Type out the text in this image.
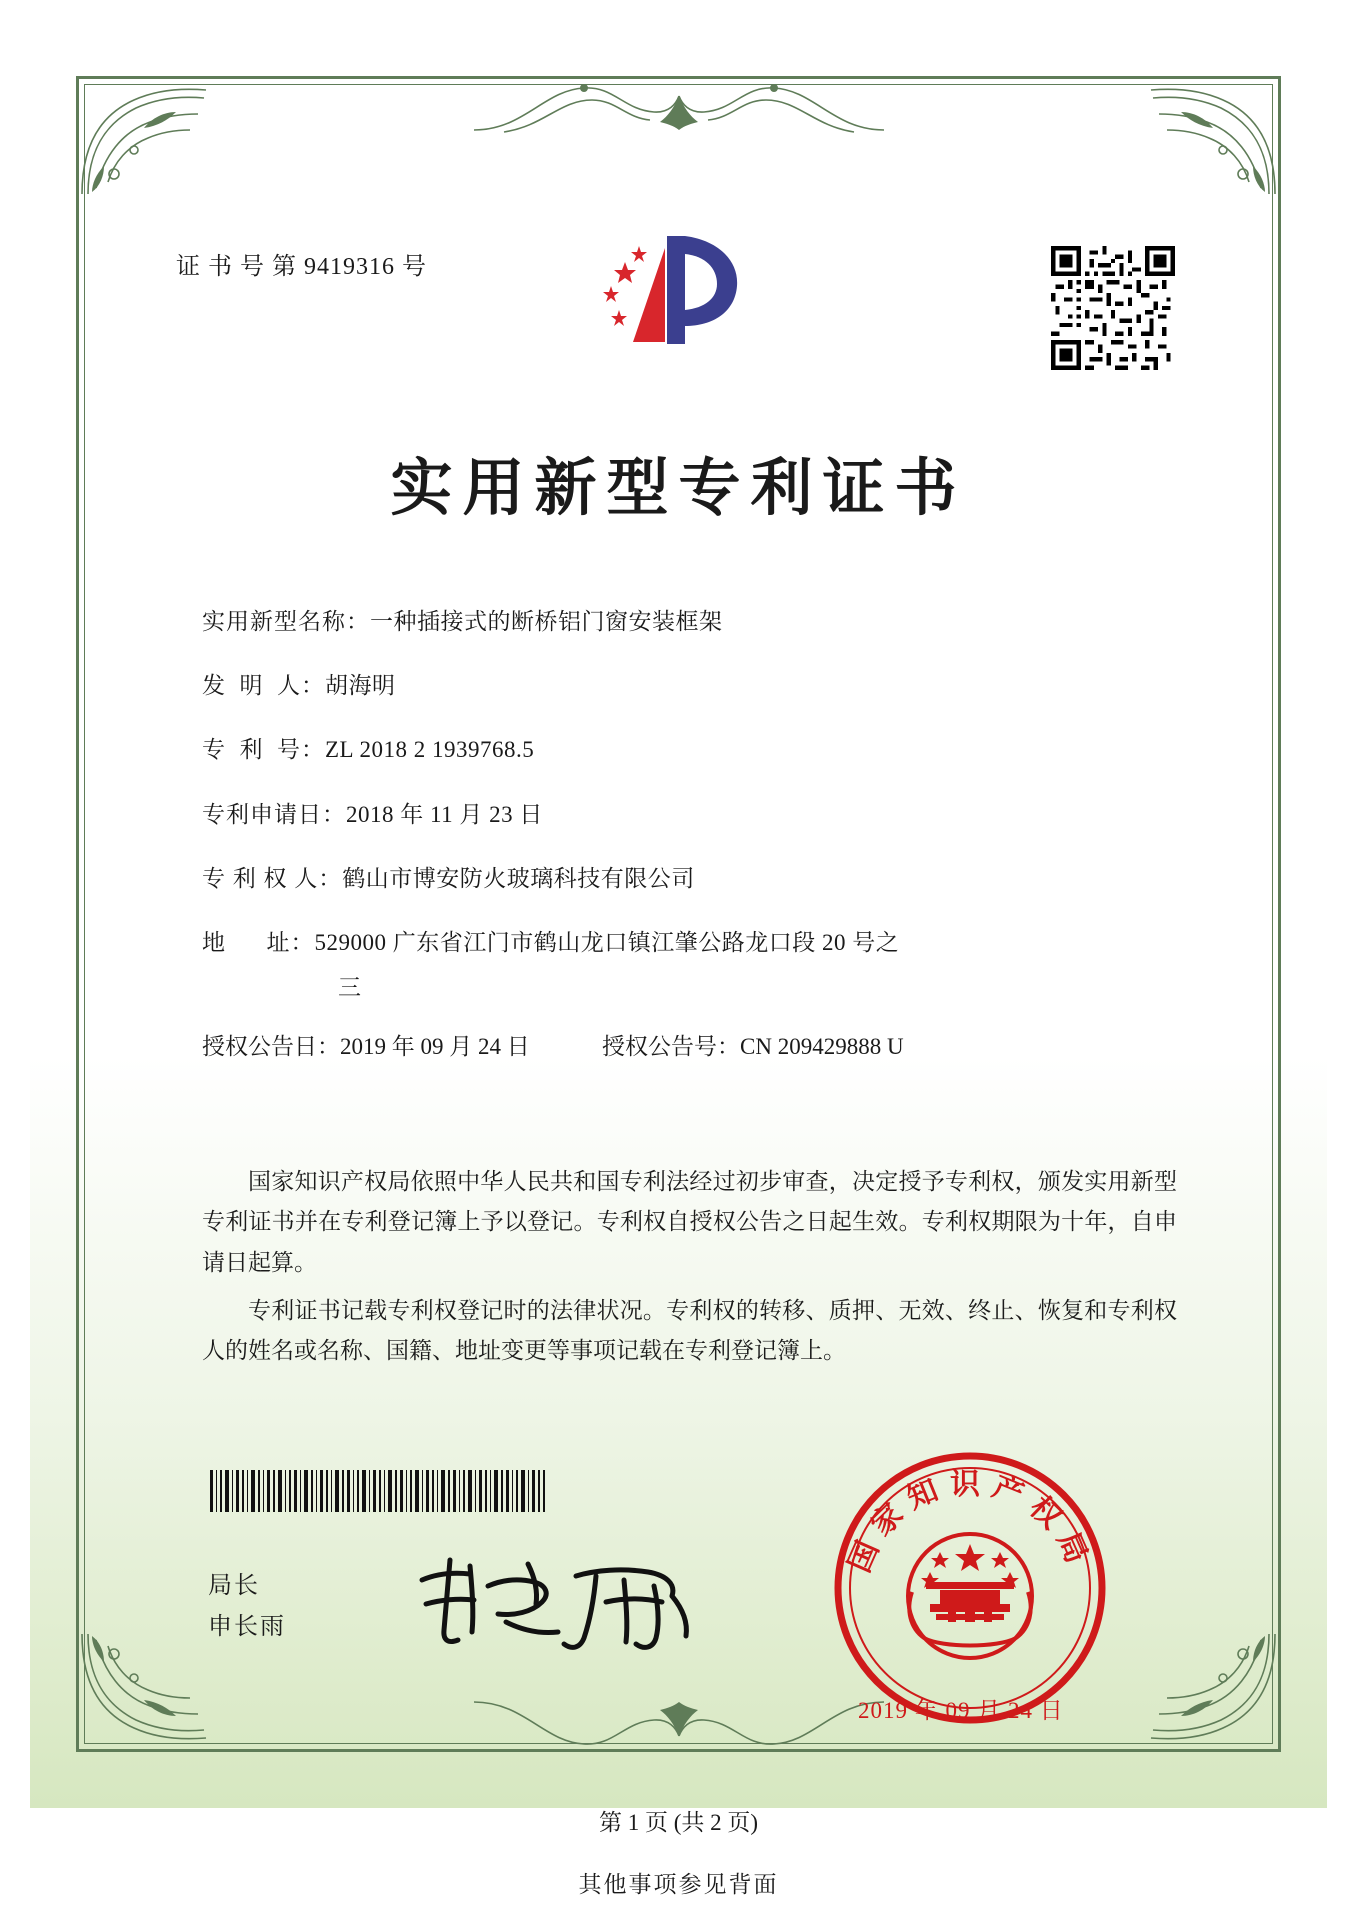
证 书 号 第 9419316 号
实用新型专利证书
实用新型名称： 一种插接式的断桥铝门窗安装框架
发  明  人： 胡海明
专  利  号： ZL 2018 2 1939768.5
专利申请日： 2018 年 11 月 23 日
专 利 权 人： 鹤山市博安防火玻璃科技有限公司
地      址： 529000 广东省江门市鹤山龙口镇江肇公路龙口段 20 号之
三
授权公告日：2019 年 09 月 24 日	授权公告号：CN 209429888 U

国家知识产权局依照中华人民共和国专利法经过初步审查，决定授予专利权，颁发实用新型专利证书并在专利登记簿上予以登记。专利权自授权公告之日起生效。专利权期限为十年，自申请日起算。

专利证书记载专利权登记时的法律状况。专利权的转移、质押、无效、终止、恢复和专利权人的姓名或名称、国籍、地址变更等事项记载在专利登记簿上。

局长
申长雨
国家知识产权局
2019 年 09 月 24 日
第 1 页 (共 2 页)
其他事项参见背面
